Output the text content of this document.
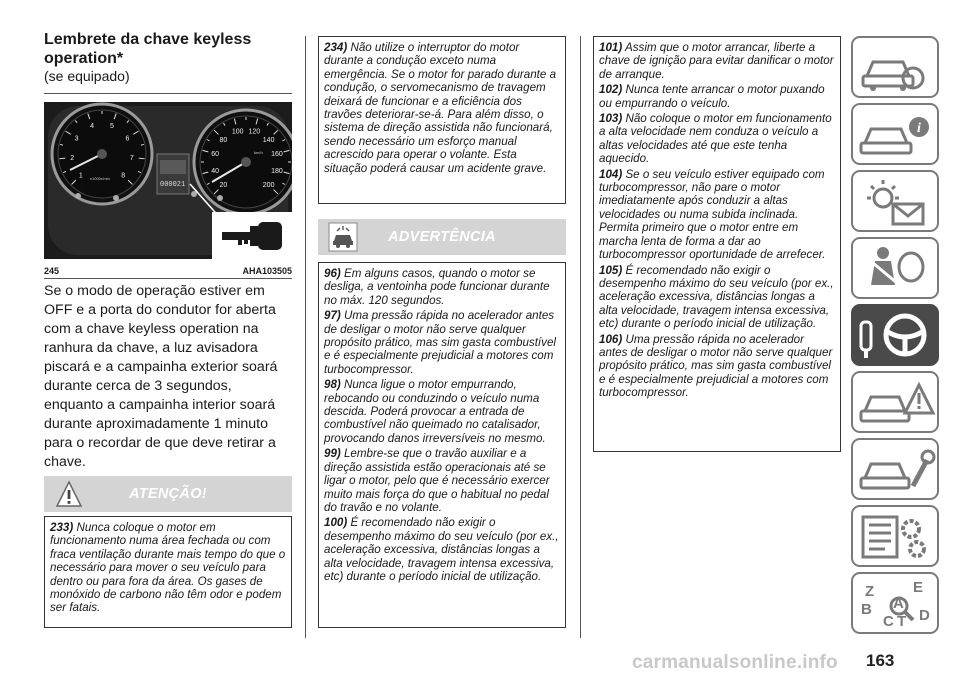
Lembrete da chave keyless operation*
(se equipado)
1
2
3
4 5
6
7
8
x1000r/min
20
40
60
80
100 120
140
160
180
200
km/h
000021
245	AHA103505
Se o modo de operação estiver em OFF e a porta do condutor for aberta com a chave keyless operation na ranhura da chave, a luz avisadora piscará e a campainha exterior soará durante cerca de 3 segundos, enquanto a campainha interior soará durante aproximadamente 1 minuto para o recordar de que deve retirar a chave.
ATENÇÃO!

233) Nunca coloque o motor em funcionamento numa área fechada ou com fraca ventilação durante mais tempo do que o necessário para mover o seu veículo para dentro ou para fora da área. Os gases de monóxido de carbono não têm odor e podem ser fatais.

234) Não utilize o interruptor do motor durante a condução exceto numa emergência. Se o motor for parado durante a condução, o servomecanismo de travagem deixará de funcionar e a eficiência dos travões deteriorar-se-á. Para além disso, o sistema de direção assistida não funcionará, sendo necessário um esforço manual acrescido para operar o volante. Esta situação poderá causar um acidente grave.

ADVERTÊNCIA

96) Em alguns casos, quando o motor se desliga, a ventoinha pode funcionar durante no máx. 120 segundos.

97) Uma pressão rápida no acelerador antes de desligar o motor não serve qualquer propósito prático, mas sim gasta combustível e é especialmente prejudicial a motores com turbocompressor.

98) Nunca ligue o motor empurrando, rebocando ou conduzindo o veículo numa descida. Poderá provocar a entrada de combustível não queimado no catalisador, provocando danos irreversíveis no mesmo.

99) Lembre-se que o travão auxiliar e a direção assistida estão operacionais até se ligar o motor, pelo que é necessário exercer muito mais força do que o habitual no pedal do travão e no volante.

100) É recomendado não exigir o desempenho máximo do seu veículo (por ex., aceleração excessiva, distâncias longas a alta velocidade, travagem intensa excessiva, etc) durante o período inicial de utilização.

101) Assim que o motor arrancar, liberte a chave de ignição para evitar danificar o motor de arranque.

102) Nunca tente arrancar o motor puxando ou empurrando o veículo.

103) Não coloque o motor em funcionamento a alta velocidade nem conduza o veículo a altas velocidades até que este tenha aquecido.

104) Se o seu veículo estiver equipado com turbocompressor, não pare o motor imediatamente após conduzir a altas velocidades ou numa subida inclinada. Permita primeiro que o motor entre em marcha lenta de forma a dar ao turbocompressor oportunidade de arrefecer.

105) É recomendado não exigir o desempenho máximo do seu veículo (por ex., aceleração excessiva, distâncias longas a alta velocidade, travagem intensa excessiva, etc) durante o período inicial de utilização.

106) Uma pressão rápida no acelerador antes de desligar o motor não serve qualquer propósito prático, mas sim gasta combustível e é especialmente prejudicial a motores com turbocompressor.

i
Z	E
B A
C T D
carmanualsonline.info 163
